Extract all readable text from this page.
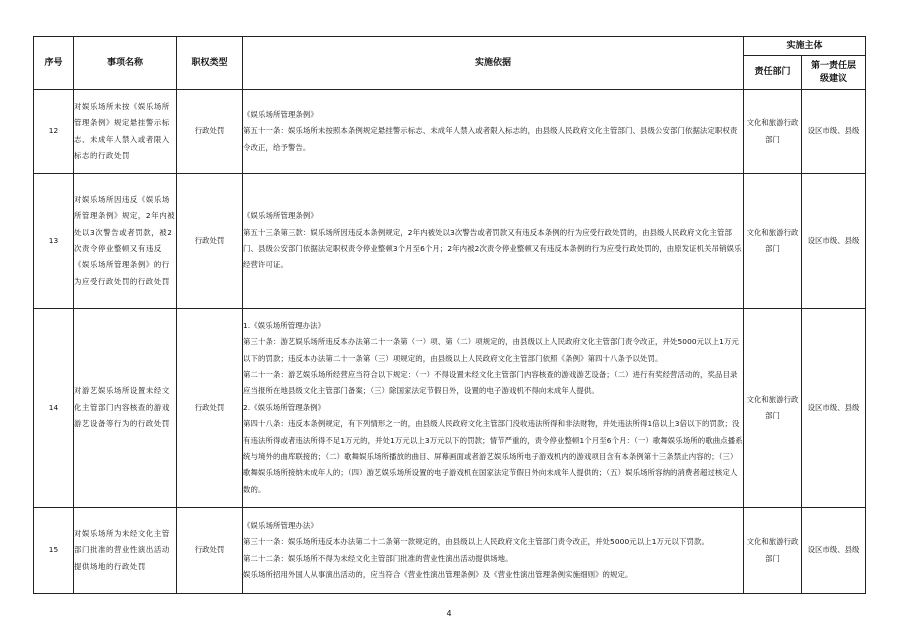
序号	事项名称	职权类型	实施依据	实施主体	
				责任部门	第一责任层
级建议

12	对娱乐场所未按《娱乐场所管理条例》规定悬挂警示标志、未成年人禁入或者限入标志的行政处罚	行政处罚	《娱乐场所管理条例》
第五十一条：娱乐场所未按照本条例规定悬挂警示标志、未成年人禁入或者限入标志的，由县级人民政府文化主管部门、县级公安部门依据法定职权责令改正，给予警告。	文化和旅游行政部门	设区市级、县级
13	对娱乐场所因违反《娱乐场所管理条例》规定，2年内被处以3次警告或者罚款，被2次责令停业整顿又有违反《娱乐场所管理条例》的行为应受行政处罚的行政处罚	行政处罚	《娱乐场所管理条例》
第五十三条第三款：娱乐场所因违反本条例规定，2年内被处以3次警告或者罚款又有违反本条例的行为应受行政处罚的，由县级人民政府文化主管部门、县级公安部门依据法定职权责令停业整顿3个月至6个月；2年内被2次责令停业整顿又有违反本条例的行为应受行政处罚的，由原发证机关吊销娱乐经营许可证。	文化和旅游行政部门	设区市级、县级
14	对游艺娱乐场所设置未经文化主管部门内容核查的游戏游艺设备等行为的行政处罚	行政处罚	1.《娱乐场所管理办法》
第三十条：游艺娱乐场所违反本办法第二十一条第（一）项、第（二）项规定的，由县级以上人民政府文化主管部门责令改正，并处5000元以上1万元以下的罚款；违反本办法第二十一条第（三）项规定的，由县级以上人民政府文化主管部门依照《条例》第四十八条予以处罚。
第二十一条：游艺娱乐场所经营应当符合以下规定：（一）不得设置未经文化主管部门内容核查的游戏游艺设备；（二）进行有奖经营活动的，奖品目录应当报所在地县级文化主管部门备案；（三）除国家法定节假日外，设置的电子游戏机不得向未成年人提供。
2.《娱乐场所管理条例》
第四十八条：违反本条例规定，有下列情形之一的，由县级人民政府文化主管部门没收违法所得和非法财物，并处违法所得1倍以上3倍以下的罚款；没有违法所得或者违法所得不足1万元的，并处1万元以上3万元以下的罚款；情节严重的，责令停业整顿1个月至6个月：（一）歌舞娱乐场所的歌曲点播系统与境外的曲库联接的；（二）歌舞娱乐场所播放的曲目、屏幕画面或者游艺娱乐场所电子游戏机内的游戏项目含有本条例第十三条禁止内容的；（三）歌舞娱乐场所接纳未成年人的；（四）游艺娱乐场所设置的电子游戏机在国家法定节假日外向未成年人提供的；（五）娱乐场所容纳的消费者超过核定人数的。	文化和旅游行政部门	设区市级、县级
15	对娱乐场所为未经文化主管部门批准的营业性演出活动提供场地的行政处罚	行政处罚	《娱乐场所管理办法》
第三十一条：娱乐场所违反本办法第二十二条第一款规定的，由县级以上人民政府文化主管部门责令改正，并处5000元以上1万元以下罚款。
第二十二条：娱乐场所不得为未经文化主管部门批准的营业性演出活动提供场地。
娱乐场所招用外国人从事演出活动的，应当符合《营业性演出管理条例》及《营业性演出管理条例实施细则》的规定。	文化和旅游行政部门	设区市级、县级
4
